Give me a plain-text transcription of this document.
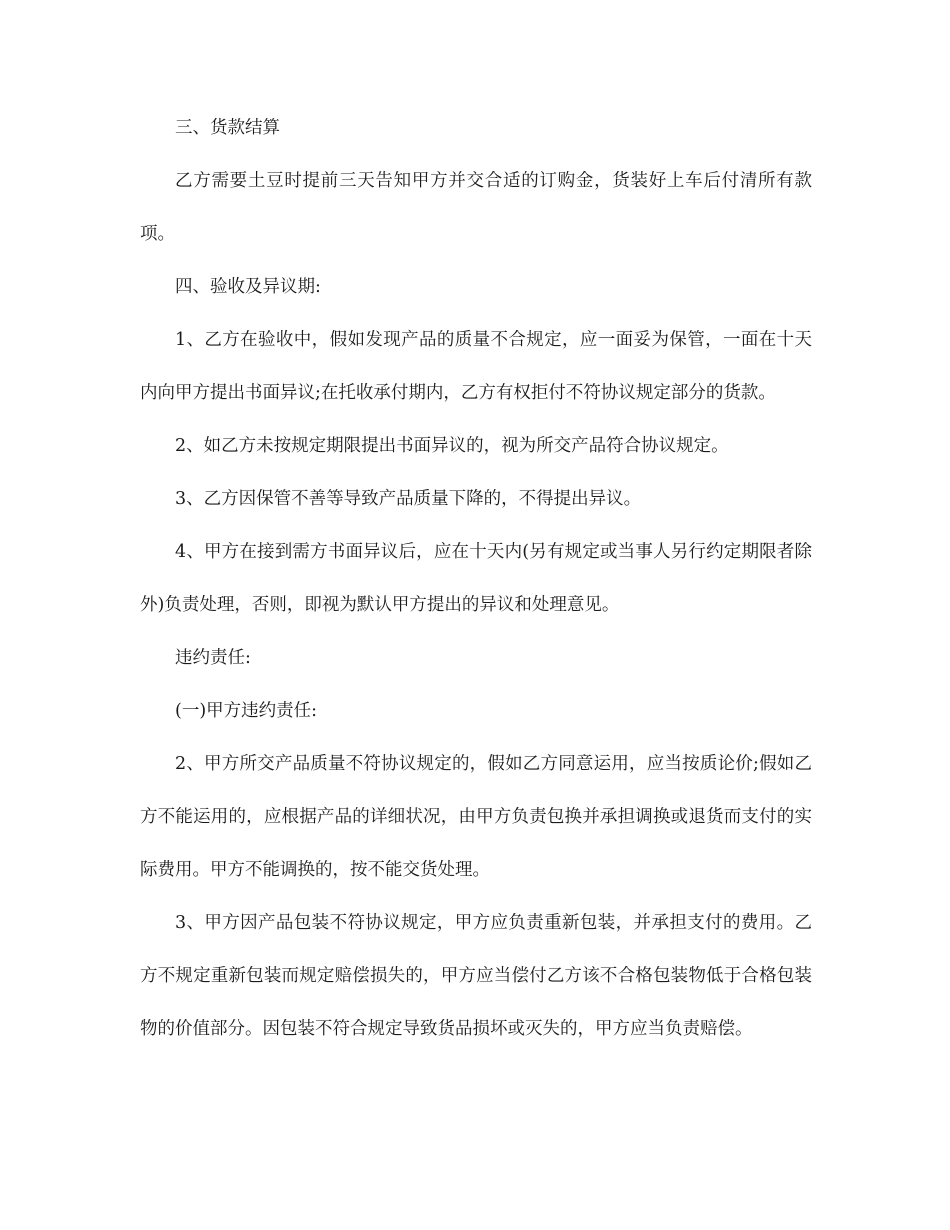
三、货款结算

乙方需要土豆时提前三天告知甲方并交合适的订购金，货装好上车后付清所有款项。

四、验收及异议期:

1、乙方在验收中，假如发现产品的质量不合规定，应一面妥为保管，一面在十天内向甲方提出书面异议;在托收承付期内，乙方有权拒付不符协议规定部分的货款。

2、如乙方未按规定期限提出书面异议的，视为所交产品符合协议规定。

3、乙方因保管不善等导致产品质量下降的，不得提出异议。

4、甲方在接到需方书面异议后，应在十天内(另有规定或当事人另行约定期限者除外)负责处理，否则，即视为默认甲方提出的异议和处理意见。

违约责任:

(一)甲方违约责任:

2、甲方所交产品质量不符协议规定的，假如乙方同意运用，应当按质论价;假如乙方不能运用的，应根据产品的详细状况，由甲方负责包换并承担调换或退货而支付的实际费用。甲方不能调换的，按不能交货处理。

3、甲方因产品包装不符协议规定，甲方应负责重新包装，并承担支付的费用。乙方不规定重新包装而规定赔偿损失的，甲方应当偿付乙方该不合格包装物低于合格包装物的价值部分。因包装不符合规定导致货品损坏或灭失的，甲方应当负责赔偿。
